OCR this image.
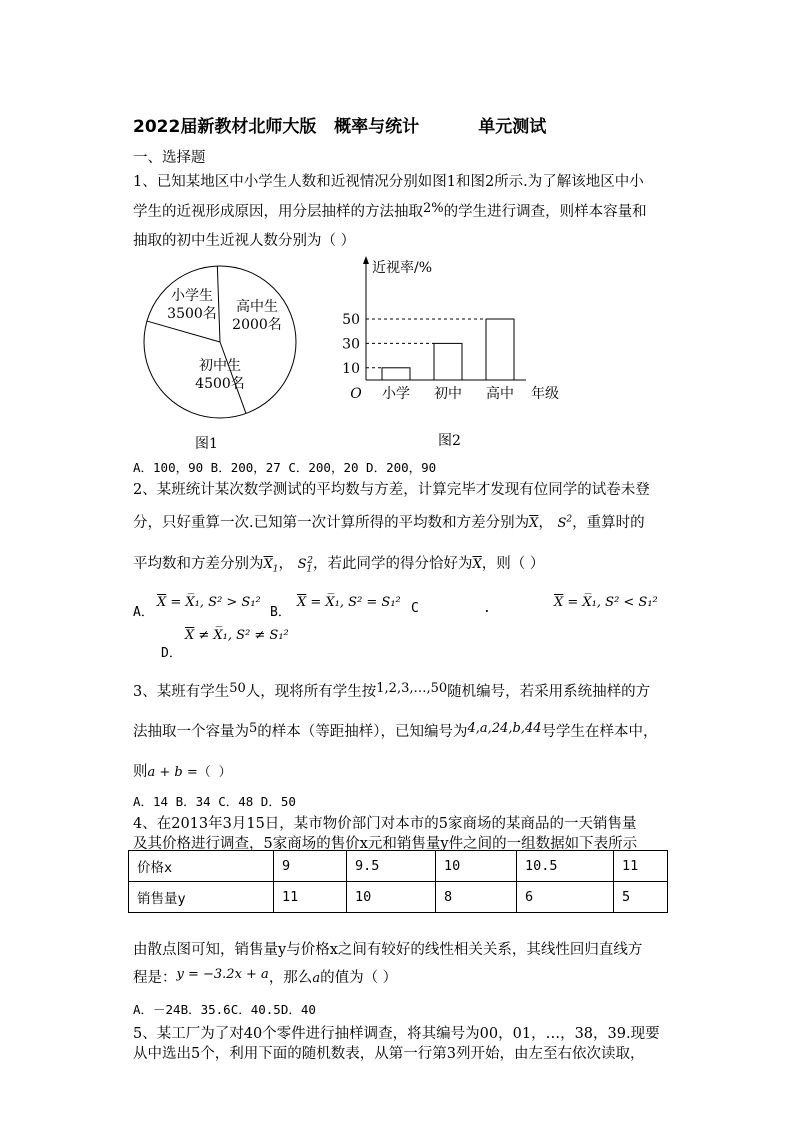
2022届新教材北师大版   概率与统计          单元测试
一、选择题
1、已知某地区中小学生人数和近视情况分别如图1和图2所示.为了解该地区中小
学生的近视形成原因，用分层抽样的方法抽取2%的学生进行调查，则样本容量和
抽取的初中生近视人数分别为（ ）
小学生
3500名 高中生
2000名
初中生
4500名
图1
近视率/%
O	年级
10
30
50
小学 初中 高中
图2
A．100，90 B．200，27 C．200，20 D．200，90
2、某班统计某次数学测试的平均数与方差，计算完毕才发现有位同学的试卷未登
分，只好重算一次.已知第一次计算所得的平均数和方差分别为$\overline{X}$， $S^2$，重算时的
平均数和方差分别为$\overline{X}_1$， $S_1^2$，若此同学的得分恰好为$\overline{X}$，则（ ）
A．
$\overline{X}$ = X̅₁, S² > S₁²
B．
$\overline{X}$ = X̅₁, S² = S₁² C	.	$\overline{X}$ = X̅₁, S² < S₁²
$\overline{X}$ ≠ X̅₁, S² ≠ S₁²
D．
3、某班有学生50人，现将所有学生按1,2,3,…,50随机编号，若采用系统抽样的方
法抽取一个容量为5的样本（等距抽样），已知编号为4,a,24,b,44号学生在样本中，
则a + b =（ ）
A．14 B．34 C．48 D．50
4、在2013年3月15日，某市物价部门对本市的5家商场的某商品的一天销售量
及其价格进行调查，5家商场的售价x元和销售量y件之间的一组数据如下表所示
价格x	9	9.5	10	10.5	11
销售量y	11	10	8	6	5
由散点图可知，销售量y与价格x之间有较好的线性相关关系，其线性回归直线方
程是：y = −3.2x + a，那么a的值为（ ）
A．－24B．35.6C．40.5D．40
5、某工厂为了对40个零件进行抽样调查，将其编号为00，01，…，38，39.现要
从中选出5个，利用下面的随机数表，从第一行第3列开始，由左至右依次读取，
